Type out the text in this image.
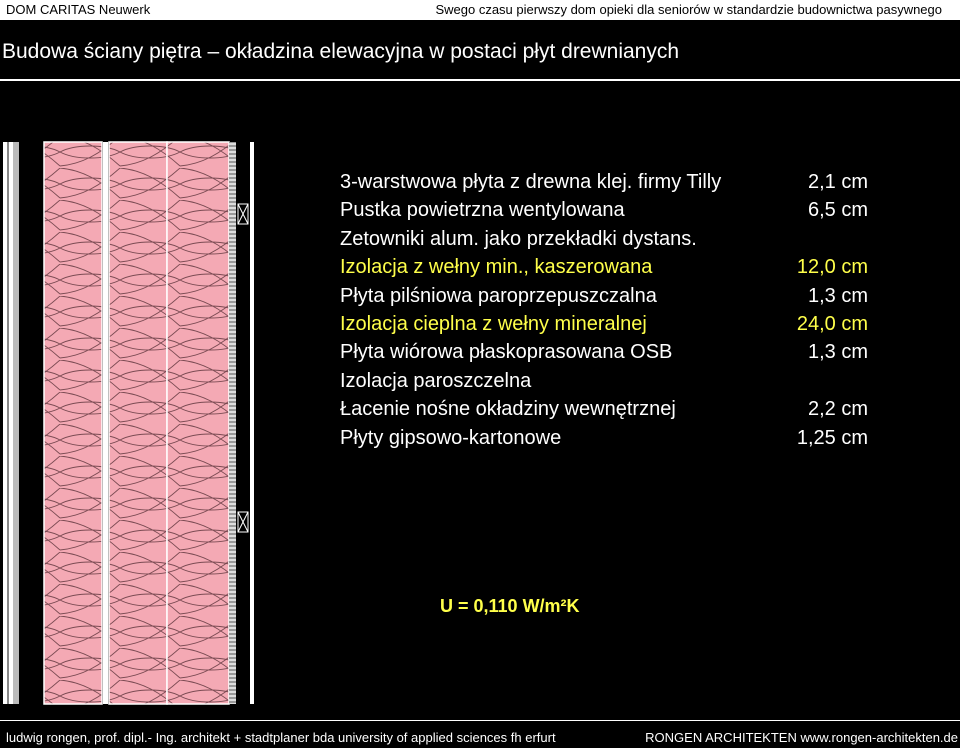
DOM CARITAS Neuwerk	Swego czasu pierwszy dom opieki dla seniorów w standardzie budownictwa pasywnego
Budowa ściany piętra – okładzina elewacyjna w postaci płyt drewnianych
3-warstwowa płyta z drewna klej. firmy Tilly	2,1 cm
Pustka powietrzna wentylowana	6,5 cm
Zetowniki alum. jako przekładki dystans.
Izolacja z wełny min., kaszerowana	12,0 cm
Płyta pilśniowa paroprzepuszczalna	1,3 cm
Izolacja cieplna z wełny mineralnej	24,0 cm
Płyta wiórowa płaskoprasowana OSB	1,3 cm
Izolacja paroszczelna
Łacenie nośne okładziny wewnętrznej	2,2 cm
Płyty gipsowo-kartonowe	1,25 cm
U = 0,110 W/m²K
ludwig rongen, prof. dipl.- Ing. architekt + stadtplaner bda university of applied sciences fh erfurt	RONGEN ARCHITEKTEN www.rongen-architekten.de
